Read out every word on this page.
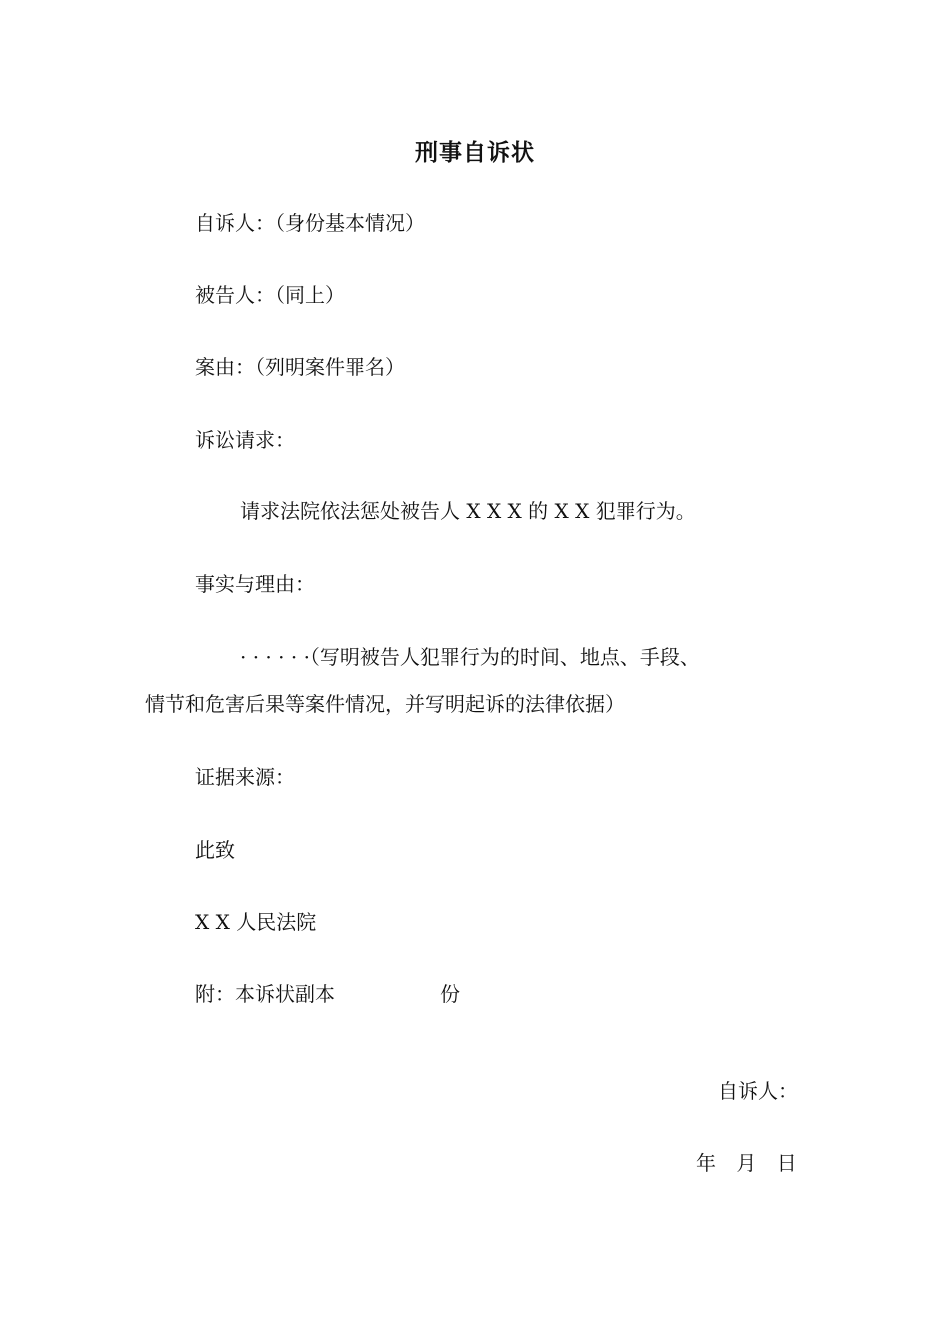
刑事自诉状
自诉人：（身份基本情况）
被告人：（同上）
案由：（列明案件罪名）
诉讼请求：
请求法院依法惩处被告人 X X X 的 X X 犯罪行为。
事实与理由：
· · · · · ·（写明被告人犯罪行为的时间、地点、手段、
情节和危害后果等案件情况，并写明起诉的法律依据）
证据来源：
此致
X X 人民法院
附：本诉状副本	份
自诉人：
年 月 日
